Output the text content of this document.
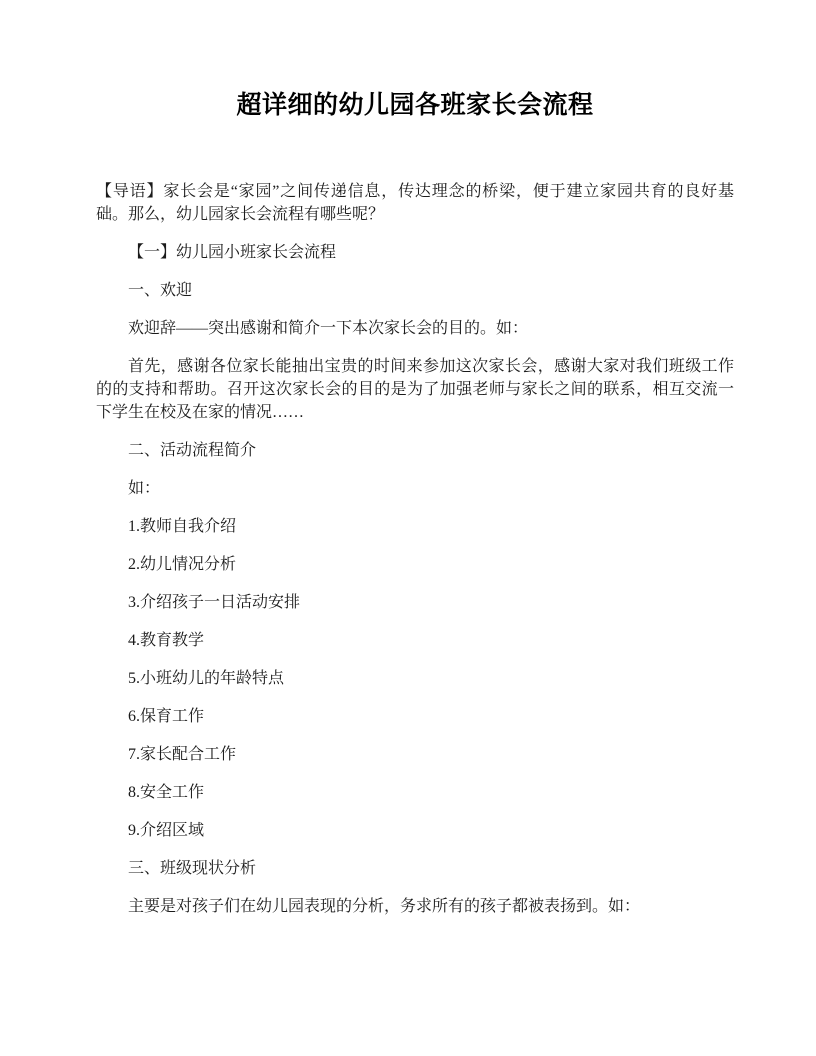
超详细的幼儿园各班家长会流程

【导语】家长会是“家园”之间传递信息，传达理念的桥梁，便于建立家园共育的良好基础。那么，幼儿园家长会流程有哪些呢？

【一】幼儿园小班家长会流程

一、欢迎

欢迎辞——突出感谢和简介一下本次家长会的目的。如：

首先，感谢各位家长能抽出宝贵的时间来参加这次家长会，感谢大家对我们班级工作的的支持和帮助。召开这次家长会的目的是为了加强老师与家长之间的联系，相互交流一下学生在校及在家的情况……

二、活动流程简介

如：

1.教师自我介绍

2.幼儿情况分析

3.介绍孩子一日活动安排

4.教育教学

5.小班幼儿的年龄特点

6.保育工作

7.家长配合工作

8.安全工作

9.介绍区域

三、班级现状分析

主要是对孩子们在幼儿园表现的分析，务求所有的孩子都被表扬到。如：
